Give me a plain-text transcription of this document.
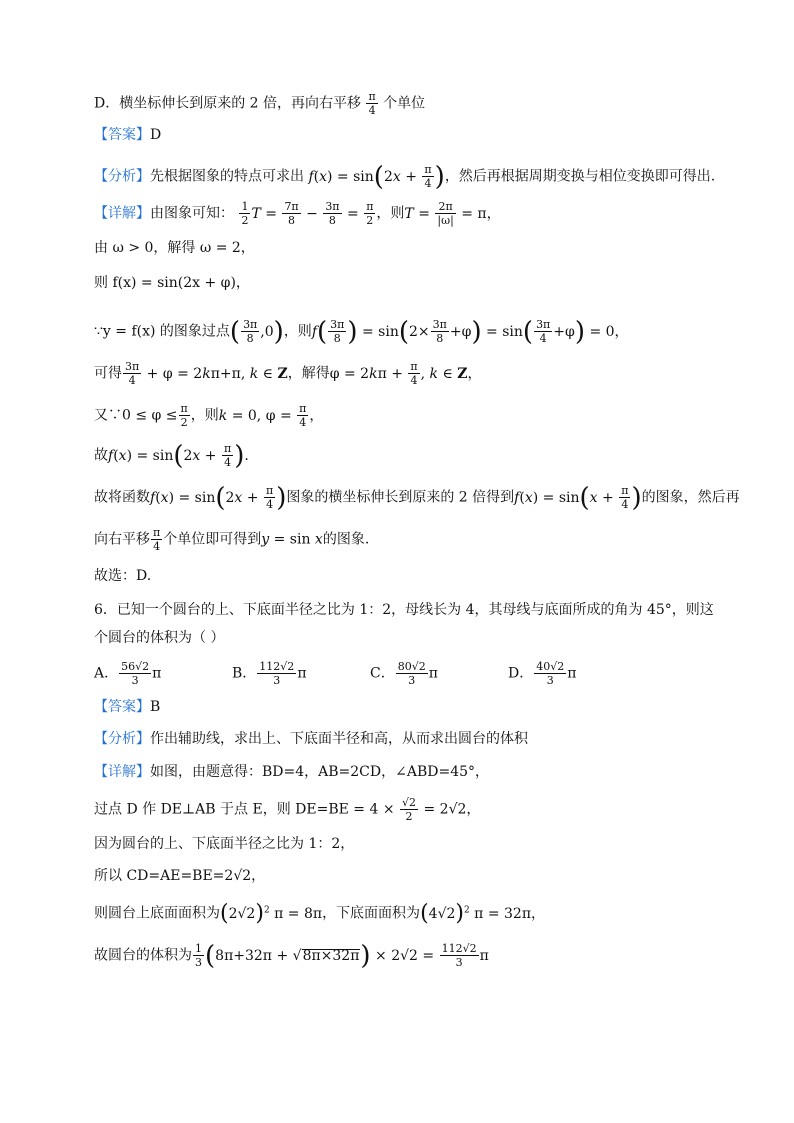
D．横坐标伸长到原来的 2 倍，再向右平移 $\frac{\pi}{4}$ 个单位
【答案】D
【分析】先根据图象的特点可求出 $f(x) = \sin(2x + \frac{\pi}{4}$ )，然后再根据周期变换与相位变换即可得出.
【详解】由图象可知： $\frac{1}{2}$ $T = \frac{7\pi}{8} - \frac{3\pi}{8} = \frac{\pi}{2}$ ，则$T = \frac{2\pi}{|\omega|} = \pi$，
由 ω > 0，解得 ω = 2，
则 f(x) = sin(2x + φ)，
∵y = f(x) 的图象过点( $\frac{3\pi}{8} ,0$)，则$f( \frac{3\pi}{8}$ ) = $\sin(2\times \frac{3\pi}{8} +\varphi) = \sin( \frac{3\pi}{4} +\varphi) = 0$，
可得 $\frac{3\pi}{4} + \varphi = 2k\pi+\pi$, k ∈ Z，解得$\varphi = 2k\pi + \frac{\pi}{4}$ , k ∈ Z，
又∵0 ≤ $\varphi \le \frac{\pi}{2}$ ，则k = 0, $\varphi = \frac{\pi}{4}$ ，
故$f(x) = \sin(2x + \frac{\pi}{4}$ ).
故将函数$f(x) = \sin(2x + \frac{\pi}{4}$ )图象的横坐标伸长到原来的 2 倍得到$f(x) = \sin(x + \frac{\pi}{4}$ )的图象，然后再
向右平移 $\frac{\pi}{4}$ 个单位即可得到y = sin x的图象.
故选：D.
6．已知一个圆台的上、下底面半径之比为 1：2，母线长为 4，其母线与底面所成的角为 45°，则这
个圆台的体积为（ ）
A． $\frac{56√2}{3}$ π	B． $\frac{112√2}{3}$ π	C． $\frac{80√2}{3}$ π	D． $\frac{40√2}{3}$ π
【答案】B
【分析】作出辅助线，求出上、下底面半径和高，从而求出圆台的体积
【详解】如图，由题意得：BD=4，AB=2CD，∠ABD=45°，
过点 D 作 DE⊥AB 于点 E，则 $DE=BE = 4 \times \frac{√2}{2} = 2√2$，
因为圆台的上、下底面半径之比为 1：2，
所以 CD=AE=BE=2√2，
则圆台上底面面积为$(2√2)^2$ π = 8π，下底面面积为$(4√2)^2$ π = 32π，
故圆台的体积为 $\frac{1}{3} (8\pi+32\pi + √8\pi\times 32\pi) \times 2√2 = \frac{112√2}{3}$ π
